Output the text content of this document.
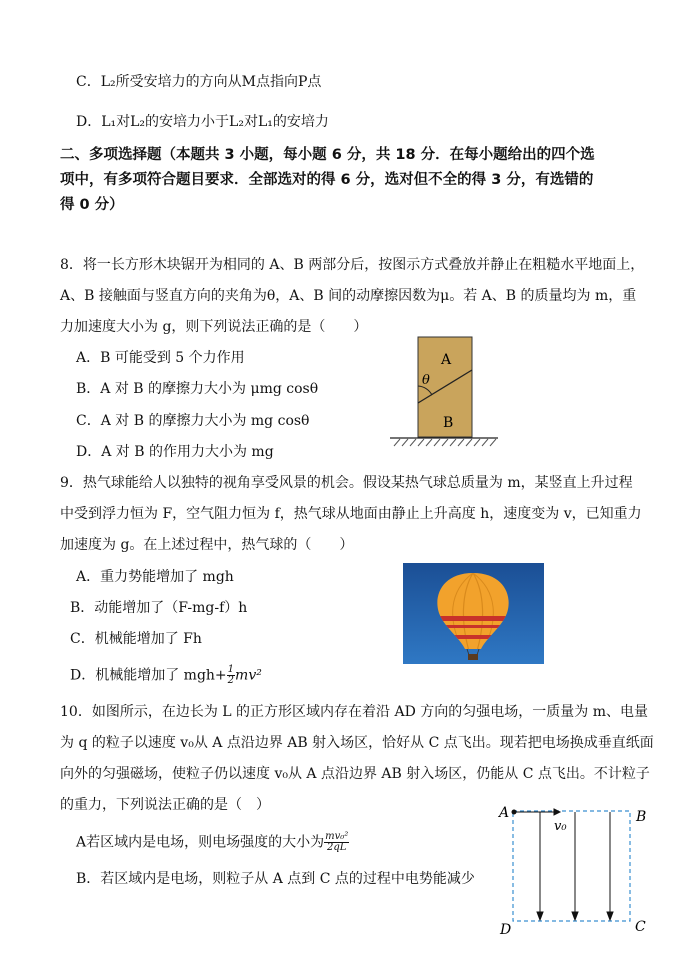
C．L₂所受安培力的方向从M点指向P点
D．L₁对L₂的安培力小于L₂对L₁的安培力
二、多项选择题（本题共 3 小题，每小题 6 分，共 18 分．在每小题给出的四个选
项中，有多项符合题目要求．全部选对的得 6 分，选对但不全的得 3 分，有选错的
得 0 分）
8．将一长方形木块锯开为相同的 A、B 两部分后，按图示方式叠放并静止在粗糙水平地面上，
A、B 接触面与竖直方向的夹角为θ，A、B 间的动摩擦因数为μ。若 A、B 的质量均为 m，重
力加速度大小为 g，则下列说法正确的是（　　）
A．B 可能受到 5 个力作用
B．A 对 B 的摩擦力大小为 μmg cosθ
C．A 对 B 的摩擦力大小为 mg cosθ
D．A 对 B 的作用力大小为 mg
θ
A
B
9．热气球能给人以独特的视角享受风景的机会。假设某热气球总质量为 m，某竖直上升过程
中受到浮力恒为 F，空气阻力恒为 f，热气球从地面由静止上升高度 h，速度变为 v，已知重力
加速度为 g。在上述过程中，热气球的（　　）
A．重力势能增加了 mgh
B．动能增加了（F-mg-f）h
C．机械能增加了 Fh
D．机械能增加了 $mgh+ \frac{1}{2} mv^2$
10．如图所示，在边长为 L 的正方形区域内存在着沿 AD 方向的匀强电场，一质量为 m、电量
为 q 的粒子以速度 v₀从 A 点沿边界 AB 射入场区，恰好从 C 点飞出。现若把电场换成垂直纸面
向外的匀强磁场，使粒子仍以速度 v₀从 A 点沿边界 AB 射入场区，仍能从 C 点飞出。不计粒子
的重力，下列说法正确的是（　）
A若区域内是电场，则电场强度的大小为 $\frac{\text{mv₀²}}{2qL}$
B．若区域内是电场，则粒子从 A 点到 C 点的过程中电势能减少
A	B
C
D
v₀
